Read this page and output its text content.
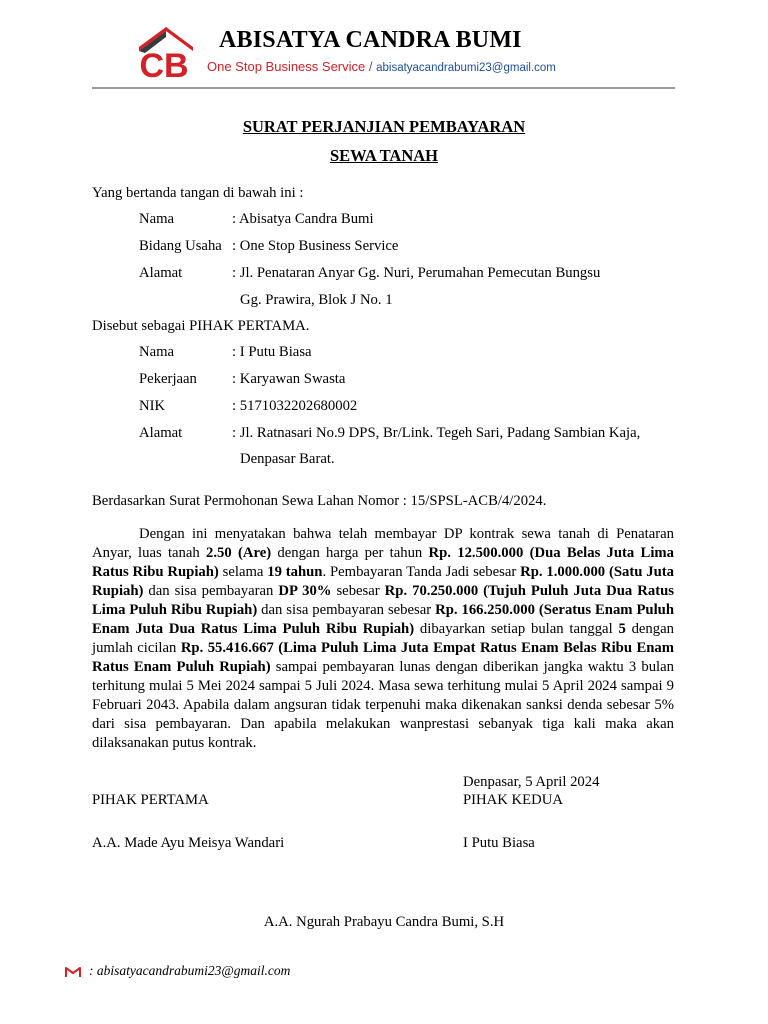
CB
ABISATYA CANDRA BUMI
One Stop Business Service / abisatyacandrabumi23@gmail.com
SURAT PERJANJIAN PEMBAYARAN
SEWA TANAH
Yang bertanda tangan di bawah ini :
Nama	: Abisatya Candra Bumi
Bidang Usaha : One Stop Business Service
Alamat	: Jl. Penataran Anyar Gg. Nuri, Perumahan Pemecutan Bungsu
Gg. Prawira, Blok J No. 1
Disebut sebagai PIHAK PERTAMA.
Nama	: I Putu Biasa
Pekerjaan : Karyawan Swasta
NIK	: 5171032202680002
Alamat	: Jl. Ratnasari No.9 DPS, Br/Link. Tegeh Sari, Padang Sambian Kaja,
Denpasar Barat.
Berdasarkan Surat Permohonan Sewa Lahan Nomor : 15/SPSL-ACB/4/2024.
Dengan ini menyatakan bahwa telah membayar DP kontrak sewa tanah di Penataran Anyar, luas tanah 2.50 (Are) dengan harga per tahun Rp. 12.500.000 (Dua Belas Juta Lima Ratus Ribu Rupiah) selama 19 tahun. Pembayaran Tanda Jadi sebesar Rp. 1.000.000 (Satu Juta Rupiah) dan sisa pembayaran DP 30% sebesar Rp. 70.250.000 (Tujuh Puluh Juta Dua Ratus Lima Puluh Ribu Rupiah) dan sisa pembayaran sebesar Rp. 166.250.000 (Seratus Enam Puluh Enam Juta Dua Ratus Lima Puluh Ribu Rupiah) dibayarkan setiap bulan tanggal 5 dengan jumlah cicilan Rp. 55.416.667 (Lima Puluh Lima Juta Empat Ratus Enam Belas Ribu Enam Ratus Enam Puluh Rupiah) sampai pembayaran lunas dengan diberikan jangka waktu 3 bulan terhitung mulai 5 Mei 2024 sampai 5 Juli 2024. Masa sewa terhitung mulai 5 April 2024 sampai 9 Februari 2043. Apabila dalam angsuran tidak terpenuhi maka dikenakan sanksi denda sebesar 5% dari sisa pembayaran. Dan apabila melakukan wanprestasi sebanyak tiga kali maka akan dilaksanakan putus kontrak.
Denpasar, 5 April 2024
PIHAK PERTAMA	PIHAK KEDUA
A.A. Made Ayu Meisya Wandari	I Putu Biasa
A.A. Ngurah Prabayu Candra Bumi, S.H
: abisatyacandrabumi23@gmail.com
